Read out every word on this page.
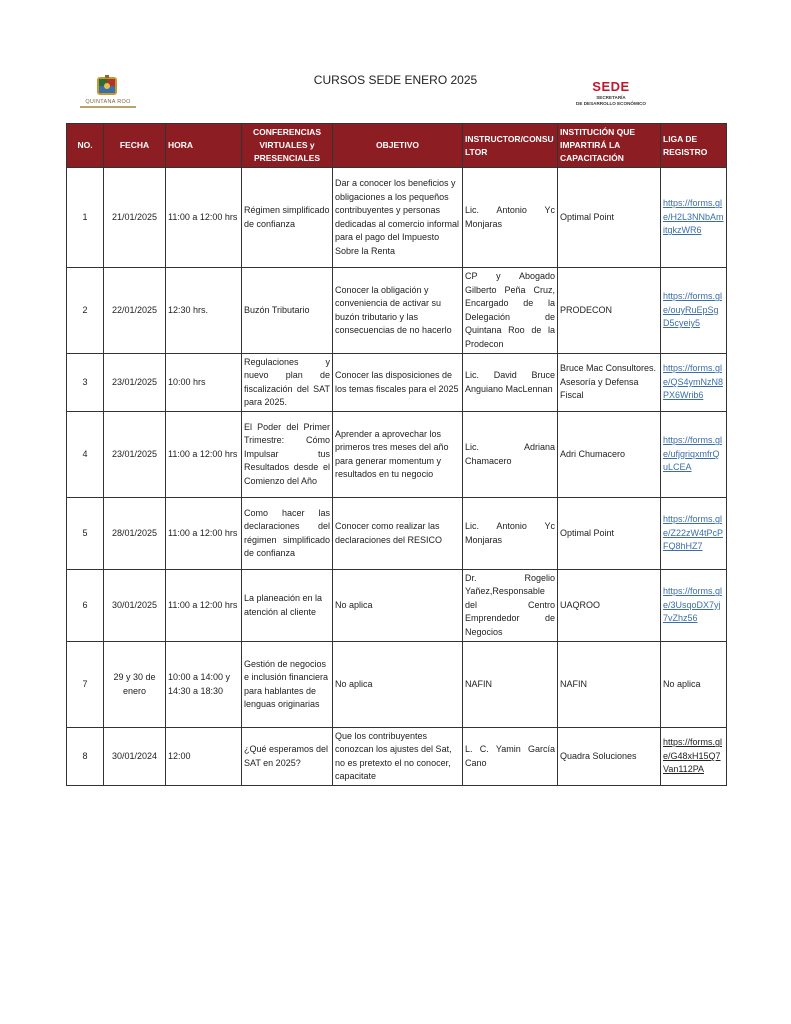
QUINTANA ROO
CURSOS SEDE ENERO 2025	SEDE
SECRETARÍA
DE DESARROLLO ECONÓMICO
NO.	FECHA	HORA	CONFERENCIAS VIRTUALES y PRESENCIALES	OBJETIVO	INSTRUCTOR/CONSULTOR	INSTITUCIÓN QUE IMPARTIRÁ LA CAPACITACIÓN	LIGA DE REGISTRO
1	21/01/2025	11:00 a 12:00 hrs	Régimen simplificado de confianza	Dar a conocer los beneficios y obligaciones a los pequeños contribuyentes y personas dedicadas al comercio informal para el pago del Impuesto Sobre la Renta	Lic. Antonio Yc Monjaras	Optimal Point	https://forms.gle/H2L3NNbAmitgkzWR6
2	22/01/2025	12:30 hrs.	Buzón Tributario	Conocer la obligación y conveniencia de activar su buzón tributario y las consecuencias de no hacerlo	CP y Abogado Gilberto Peña Cruz, Encargado de la Delegación de Quintana Roo de la Prodecon	PRODECON	https://forms.gle/ouyRuEpSgD5cyeiy5
3	23/01/2025	10:00 hrs	Regulaciones y nuevo plan de fiscalización del SAT para 2025.	Conocer las disposiciones de los temas fiscales para el 2025	Lic. David Bruce Anguiano MacLennan	Bruce Mac Consultores. Asesoría y Defensa Fiscal	https://forms.gle/QS4ymNzN8PX6Wrib6
4	23/01/2025	11:00 a 12:00 hrs	El Poder del Primer Trimestre: Cómo Impulsar tus Resultados desde el Comienzo del Año	Aprender a aprovechar los primeros tres meses del año para generar momentum y resultados en tu negocio	Lic. Adriana Chamacero	Adri Chumacero	https://forms.gle/ufjgriqxmfrQuLCEA
5	28/01/2025	11:00 a 12:00 hrs	Como hacer las declaraciones del régimen simplificado de confianza	Conocer como realizar las declaraciones del RESICO	Lic. Antonio Yc Monjaras	Optimal Point	https://forms.gle/Z22zW4tPcPFQ8hHZ7
6	30/01/2025	11:00 a 12:00 hrs	La planeación en la atención al cliente	No aplica	Dr. Rogelio Yañez,Responsable del Centro Emprendedor de Negocios	UAQROO	https://forms.gle/3UsqoDX7yj7vZhz56
7	29 y 30 de enero	10:00 a 14:00 y 14:30 a 18:30	Gestión de negocios e inclusión financiera para hablantes de lenguas originarias	No aplica	NAFIN	NAFIN	No aplica
8	30/01/2024	12:00	¿Qué esperamos del SAT en 2025?	Que los contribuyentes conozcan los ajustes del Sat, no es pretexto el no conocer, capacitate	L. C. Yamin García Cano	Quadra Soluciones	https://forms.gle/G48xH15Q7Van112PA
